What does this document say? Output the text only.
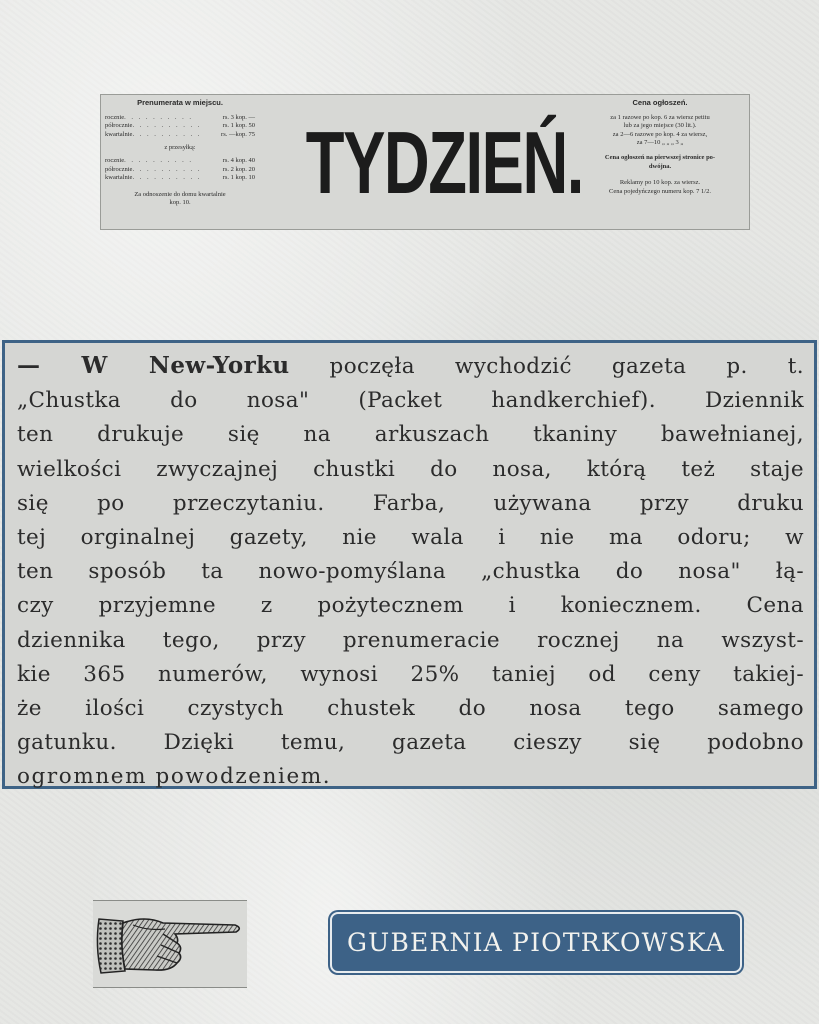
Prenumerata w miejscu.
rocznie . . . . . . . . . .	rs. 3 kop. —
półrocznie . . . . . . . . . .	rs. 1 kop. 50
kwartalnie . . . . . . . . . .	rs. —kop. 75
z przesyłką:
rocznie . . . . . . . . . .	rs. 4 kop. 40
półrocznie . . . . . . . . . .	rs. 2 kop. 20
kwartalnie . . . . . . . . . .	rs. 1 kop. 10
Za odnoszenie do domu kwartalnie
kop. 10.	TYDZIEŃ.
Cena ogłoszeń.
za 1 razowe po kop. 6 za wiersz petitu
lub za jego miejsce (30 lit.).
za 2—6 razowe po kop. 4 za wiersz,
za 7—10 „ „ „ 3 „
Cena ogłoszeń na pierwszej stronice po-
dwójna.
Reklamy po 10 kop. za wiersz.
Cena pojedyńczego numeru kop. 7 1/2.
— W New-Yorku poczęła wychodzić gazeta p. t.
„Chustka do nosa" (Packet handkerchief). Dziennik
ten drukuje się na arkuszach tkaniny bawełnianej,
wielkości zwyczajnej chustki do nosa, którą też staje
się po przeczytaniu. Farba, używana przy druku
tej orginalnej gazety, nie wala i nie ma odoru; w
ten sposób ta nowo-pomyślana „chustka do nosa" łą-
czy przyjemne z pożytecznem i koniecznem. Cena
dziennika tego, przy prenumeracie rocznej na wszyst-
kie 365 numerów, wynosi 25% taniej od ceny takiej-
że ilości czystych chustek do nosa tego samego
gatunku. Dzięki temu, gazeta cieszy się podobno
ogromnem powodzeniem.
GUBERNIA PIOTRKOWSKA
